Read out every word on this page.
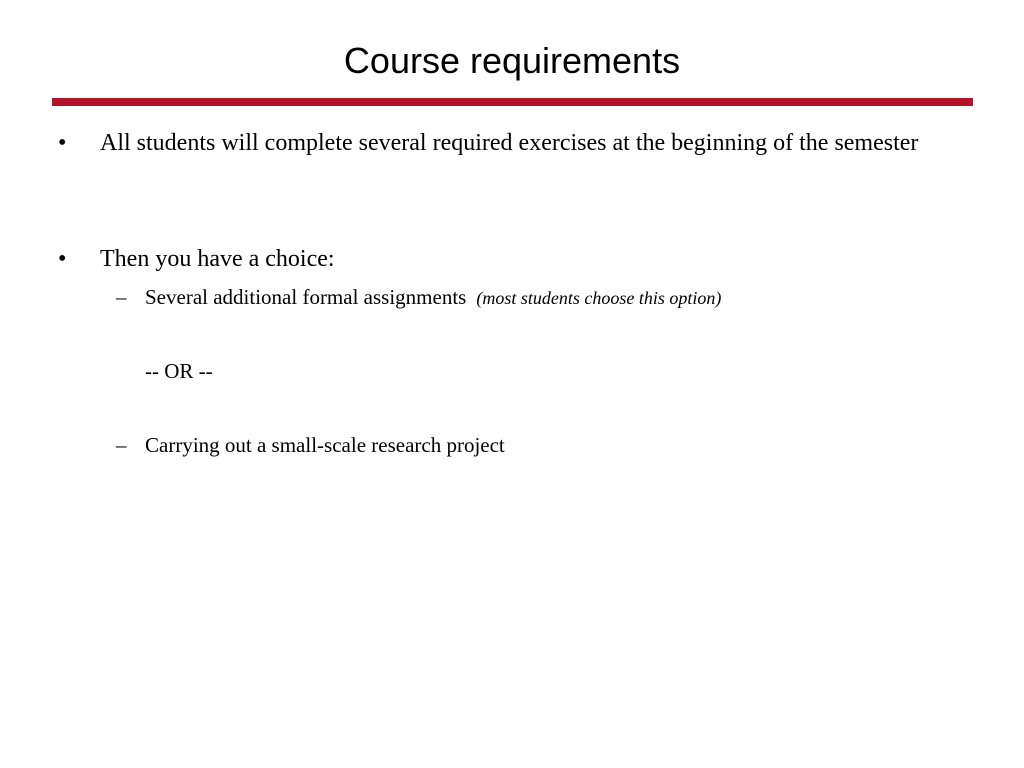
Course requirements
• All students will complete several required exercises at the beginning of the semester
• Then you have a choice:
– Several additional formal assignments (most students choose this option)
-- OR --
– Carrying out a small-scale research project
